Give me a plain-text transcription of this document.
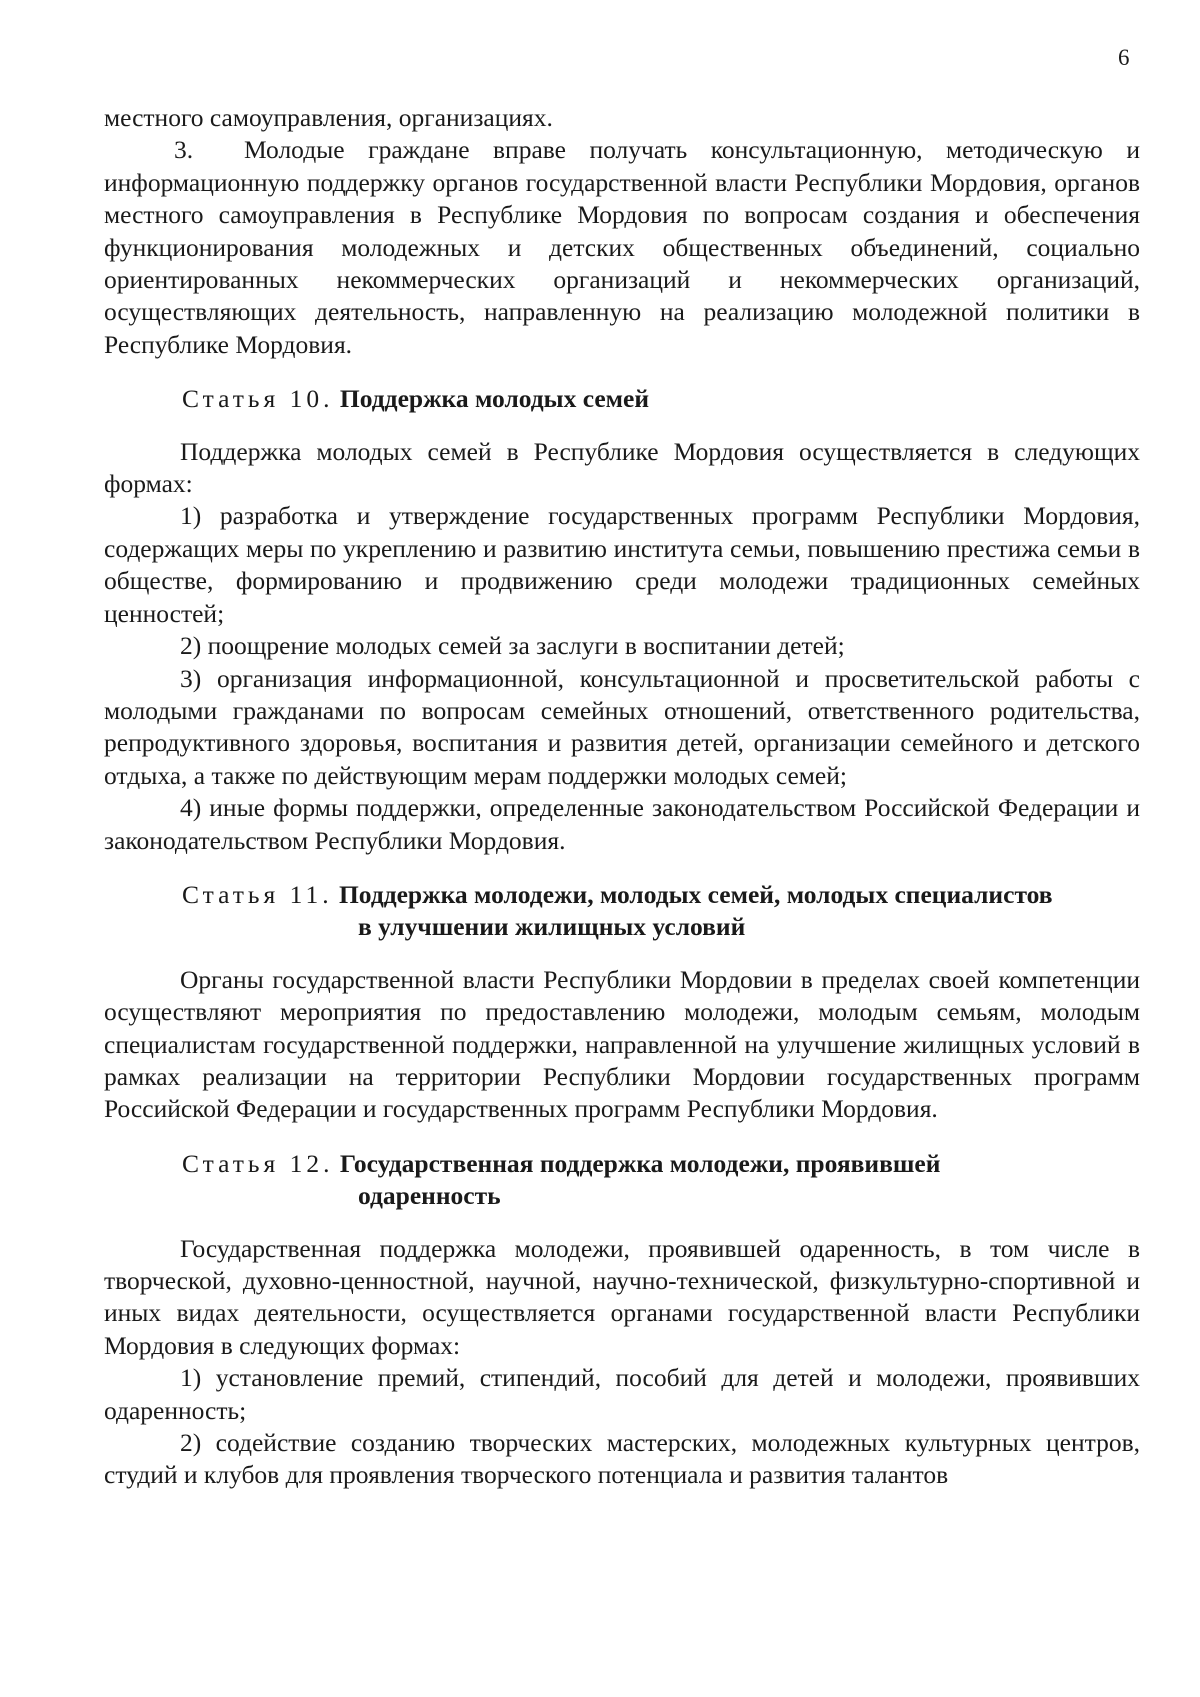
6

местного самоуправления, организациях.

3. Молодые граждане вправе получать консультационную, методическую и информационную поддержку органов государственной власти Республики Мордовия, органов местного самоуправления в Республике Мордовия по вопросам создания и обеспечения функционирования молодежных и детских общественных объединений, социально ориентированных некоммерческих организаций и некоммерческих организаций, осуществляющих деятельность, направленную на реализацию молодежной политики в Республике Мордовия.

Статья 10. Поддержка молодых семей

Поддержка молодых семей в Республике Мордовия осуществляется в следующих формах:

1) разработка и утверждение государственных программ Республики Мордовия, содержащих меры по укреплению и развитию института семьи, повышению престижа семьи в обществе, формированию и продвижению среди молодежи традиционных семейных ценностей;

2) поощрение молодых семей за заслуги в воспитании детей;

3) организация информационной, консультационной и просветительской работы с молодыми гражданами по вопросам семейных отношений, ответственного родительства, репродуктивного здоровья, воспитания и развития детей, организации семейного и детского отдыха, а также по действующим мерам поддержки молодых семей;

4) иные формы поддержки, определенные законодательством Российской Федерации и законодательством Республики Мордовия.

Статья 11. Поддержка молодежи, молодых семей, молодых специалистов
в улучшении жилищных условий

Органы государственной власти Республики Мордовии в пределах своей компетенции осуществляют мероприятия по предоставлению молодежи, молодым семьям, молодым специалистам государственной поддержки, направленной на улучшение жилищных условий в рамках реализации на территории Республики Мордовии государственных программ Российской Федерации и государственных программ Республики Мордовия.

Статья 12. Государственная поддержка молодежи, проявившей
одаренность

Государственная поддержка молодежи, проявившей одаренность, в том числе в творческой, духовно-ценностной, научной, научно-технической, физкультурно-спортивной и иных видах деятельности, осуществляется органами государственной власти Республики Мордовия в следующих формах:

1) установление премий, стипендий, пособий для детей и молодежи, проявивших одаренность;

2) содействие созданию творческих мастерских, молодежных культурных центров, студий и клубов для проявления творческого потенциала и развития талантов
